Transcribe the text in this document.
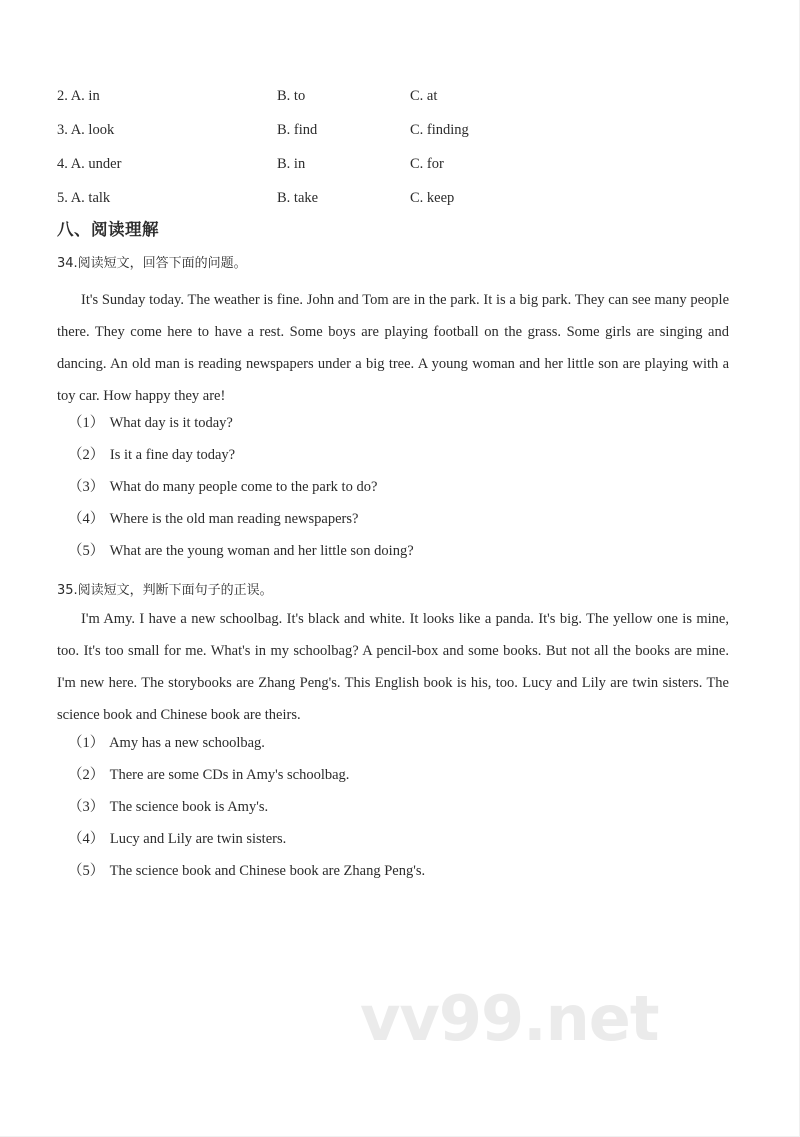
2. A. in	B. to	C. at
3. A. look	B. find	C. finding
4. A. under	B. in	C. for
5. A. talk	B. take	C. keep
八、阅读理解
34.阅读短文，回答下面的问题。
It's Sunday today. The weather is fine. John and Tom are in the park. It is a big park. They can see many people there. They come here to have a rest. Some boys are playing football on the grass. Some girls are singing and dancing. An old man is reading newspapers under a big tree. A young woman and her little son are playing with a toy car. How happy they are!
（1） What day is it today?
（2） Is it a fine day today?
（3） What do many people come to the park to do?
（4） Where is the old man reading newspapers?
（5） What are the young woman and her little son doing?
35.阅读短文，判断下面句子的正误。
I'm Amy. I have a new schoolbag. It's black and white. It looks like a panda. It's big. The yellow one is mine, too. It's too small for me. What's in my schoolbag? A pencil-box and some books. But not all the books are mine. I'm new here. The storybooks are Zhang Peng's. This English book is his, too. Lucy and Lily are twin sisters. The science book and Chinese book are theirs.
（1） Amy has a new schoolbag.
（2） There are some CDs in Amy's schoolbag.
（3） The science book is Amy's.
（4） Lucy and Lily are twin sisters.
（5） The science book and Chinese book are Zhang Peng's.
vv99.net
